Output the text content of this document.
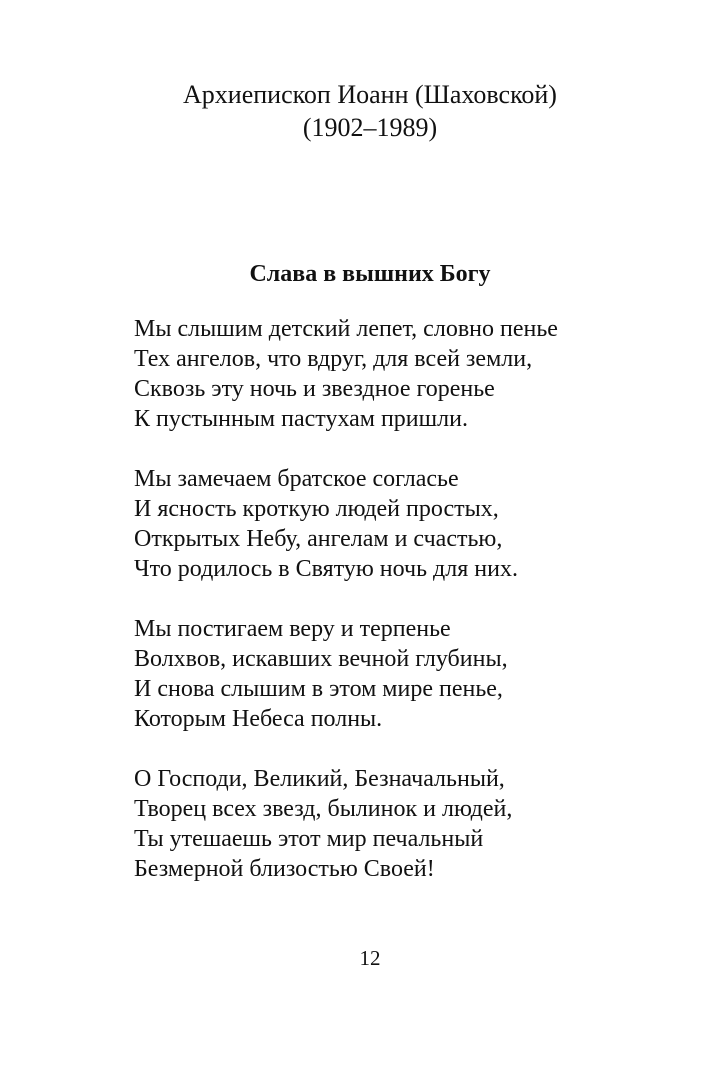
Архиепископ Иоанн (Шаховской)
(1902–1989)
Слава в вышних Богу
Мы слышим детский лепет, словно пенье
Тех ангелов, что вдруг, для всей земли,
Сквозь эту ночь и звездное горенье
К пустынным пастухам пришли.
Мы замечаем братское согласье
И ясность кроткую людей простых,
Открытых Небу, ангелам и счастью,
Что родилось в Святую ночь для них.
Мы постигаем веру и терпенье
Волхвов, искавших вечной глубины,
И снова слышим в этом мире пенье,
Которым Небеса полны.
О Господи, Великий, Безначальный,
Творец всех звезд, былинок и людей,
Ты утешаешь этот мир печальный
Безмерной близостью Своей!
12
